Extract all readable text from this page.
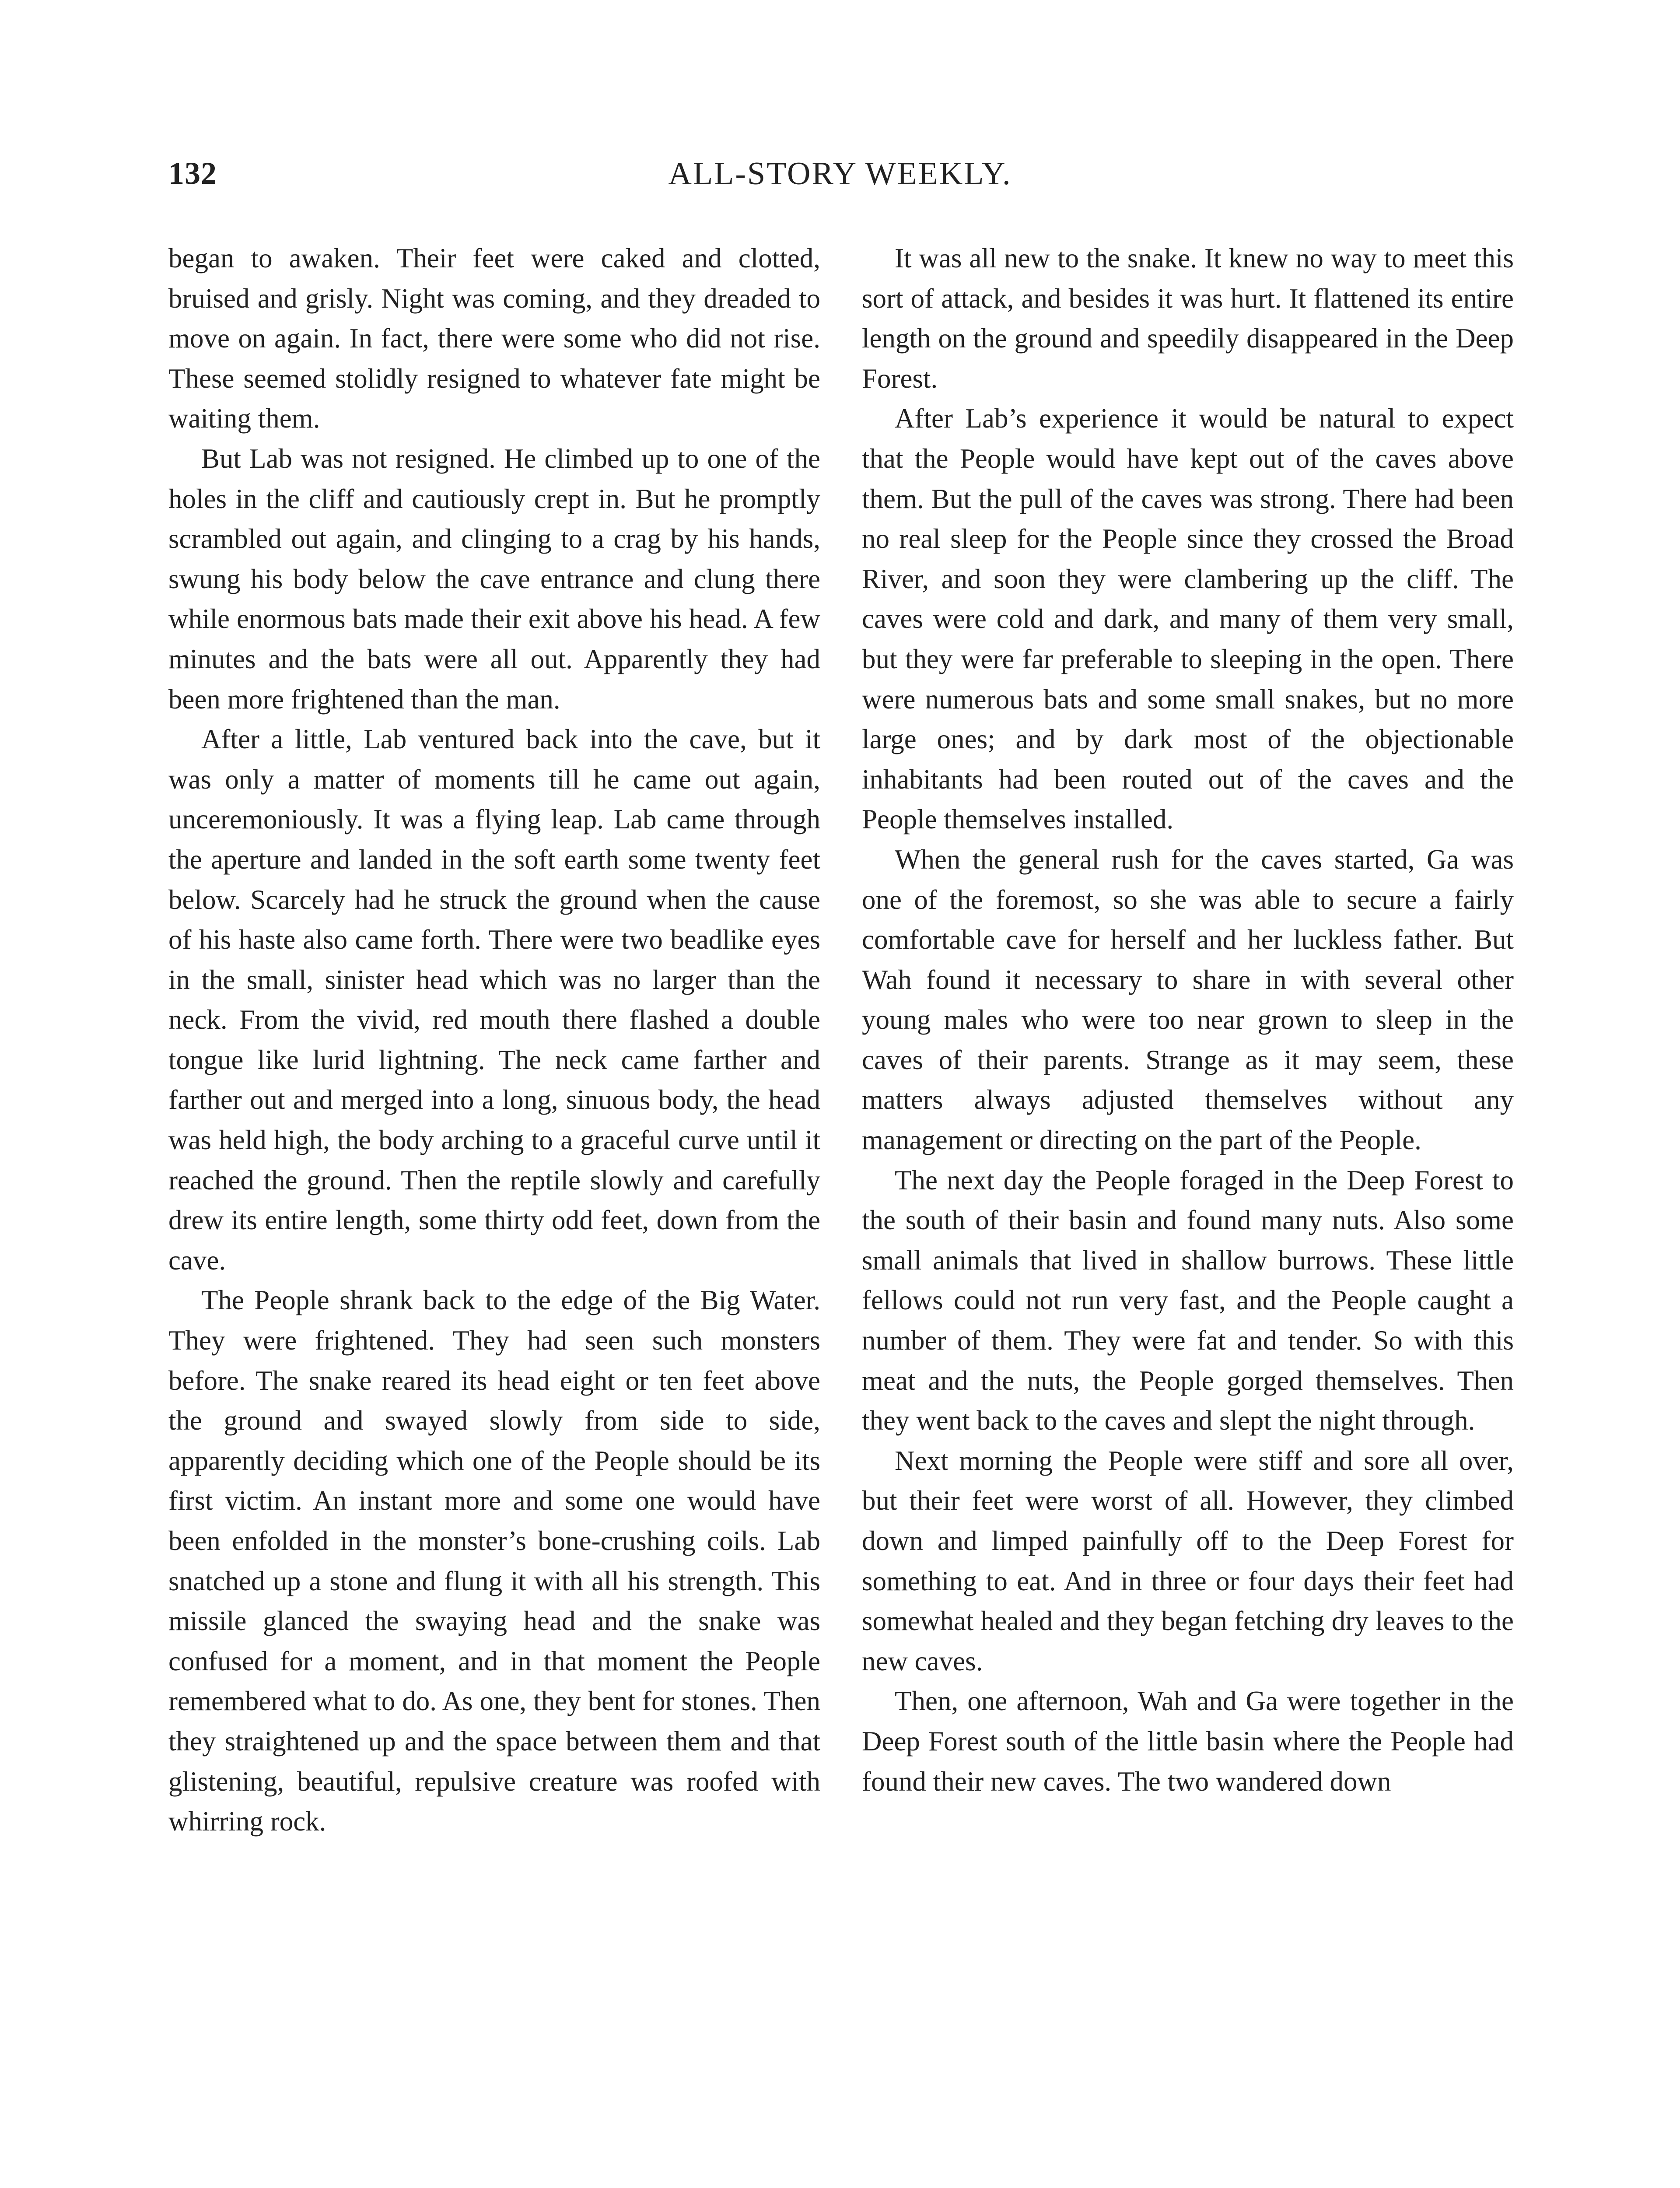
132	ALL-STORY WEEKLY.

began to awaken. Their feet were caked and clotted, bruised and grisly. Night was coming, and they dreaded to move on again. In fact, there were some who did not rise. These seemed stolidly resigned to whatever fate might be waiting them.

But Lab was not resigned. He climbed up to one of the holes in the cliff and cautiously crept in. But he promptly scrambled out again, and clinging to a crag by his hands, swung his body below the cave entrance and clung there while enormous bats made their exit above his head. A few minutes and the bats were all out. Apparently they had been more frightened than the man.

After a little, Lab ventured back into the cave, but it was only a matter of moments till he came out again, unceremoniously. It was a flying leap. Lab came through the aperture and landed in the soft earth some twenty feet below. Scarcely had he struck the ground when the cause of his haste also came forth. There were two beadlike eyes in the small, sinister head which was no larger than the neck. From the vivid, red mouth there flashed a double tongue like lurid lightning. The neck came farther and farther out and merged into a long, sinuous body, the head was held high, the body arching to a graceful curve until it reached the ground. Then the reptile slowly and carefully drew its entire length, some thirty odd feet, down from the cave.

The People shrank back to the edge of the Big Water. They were frightened. They had seen such monsters before. The snake reared its head eight or ten feet above the ground and swayed slowly from side to side, apparently deciding which one of the People should be its first victim. An instant more and some one would have been enfolded in the monster’s bone-crushing coils. Lab snatched up a stone and flung it with all his strength. This missile glanced the swaying head and the snake was confused for a moment, and in that moment the People remembered what to do. As one, they bent for stones. Then they straightened up and the space between them and that glistening, beautiful, repulsive creature was roofed with whirring rock.

It was all new to the snake. It knew no way to meet this sort of attack, and besides it was hurt. It flattened its entire length on the ground and speedily disappeared in the Deep Forest.

After Lab’s experience it would be natural to expect that the People would have kept out of the caves above them. But the pull of the caves was strong. There had been no real sleep for the People since they crossed the Broad River, and soon they were clambering up the cliff. The caves were cold and dark, and many of them very small, but they were far preferable to sleeping in the open. There were numerous bats and some small snakes, but no more large ones; and by dark most of the objectionable inhabitants had been routed out of the caves and the People themselves installed.

When the general rush for the caves started, Ga was one of the foremost, so she was able to secure a fairly comfortable cave for herself and her luckless father. But Wah found it necessary to share in with several other young males who were too near grown to sleep in the caves of their parents. Strange as it may seem, these matters always adjusted themselves without any management or directing on the part of the People.

The next day the People foraged in the Deep Forest to the south of their basin and found many nuts. Also some small animals that lived in shallow burrows. These little fellows could not run very fast, and the People caught a number of them. They were fat and tender. So with this meat and the nuts, the People gorged themselves. Then they went back to the caves and slept the night through.

Next morning the People were stiff and sore all over, but their feet were worst of all. However, they climbed down and limped painfully off to the Deep Forest for something to eat. And in three or four days their feet had somewhat healed and they began fetching dry leaves to the new caves.

Then, one afternoon, Wah and Ga were together in the Deep Forest south of the little basin where the People had found their new caves. The two wandered down
